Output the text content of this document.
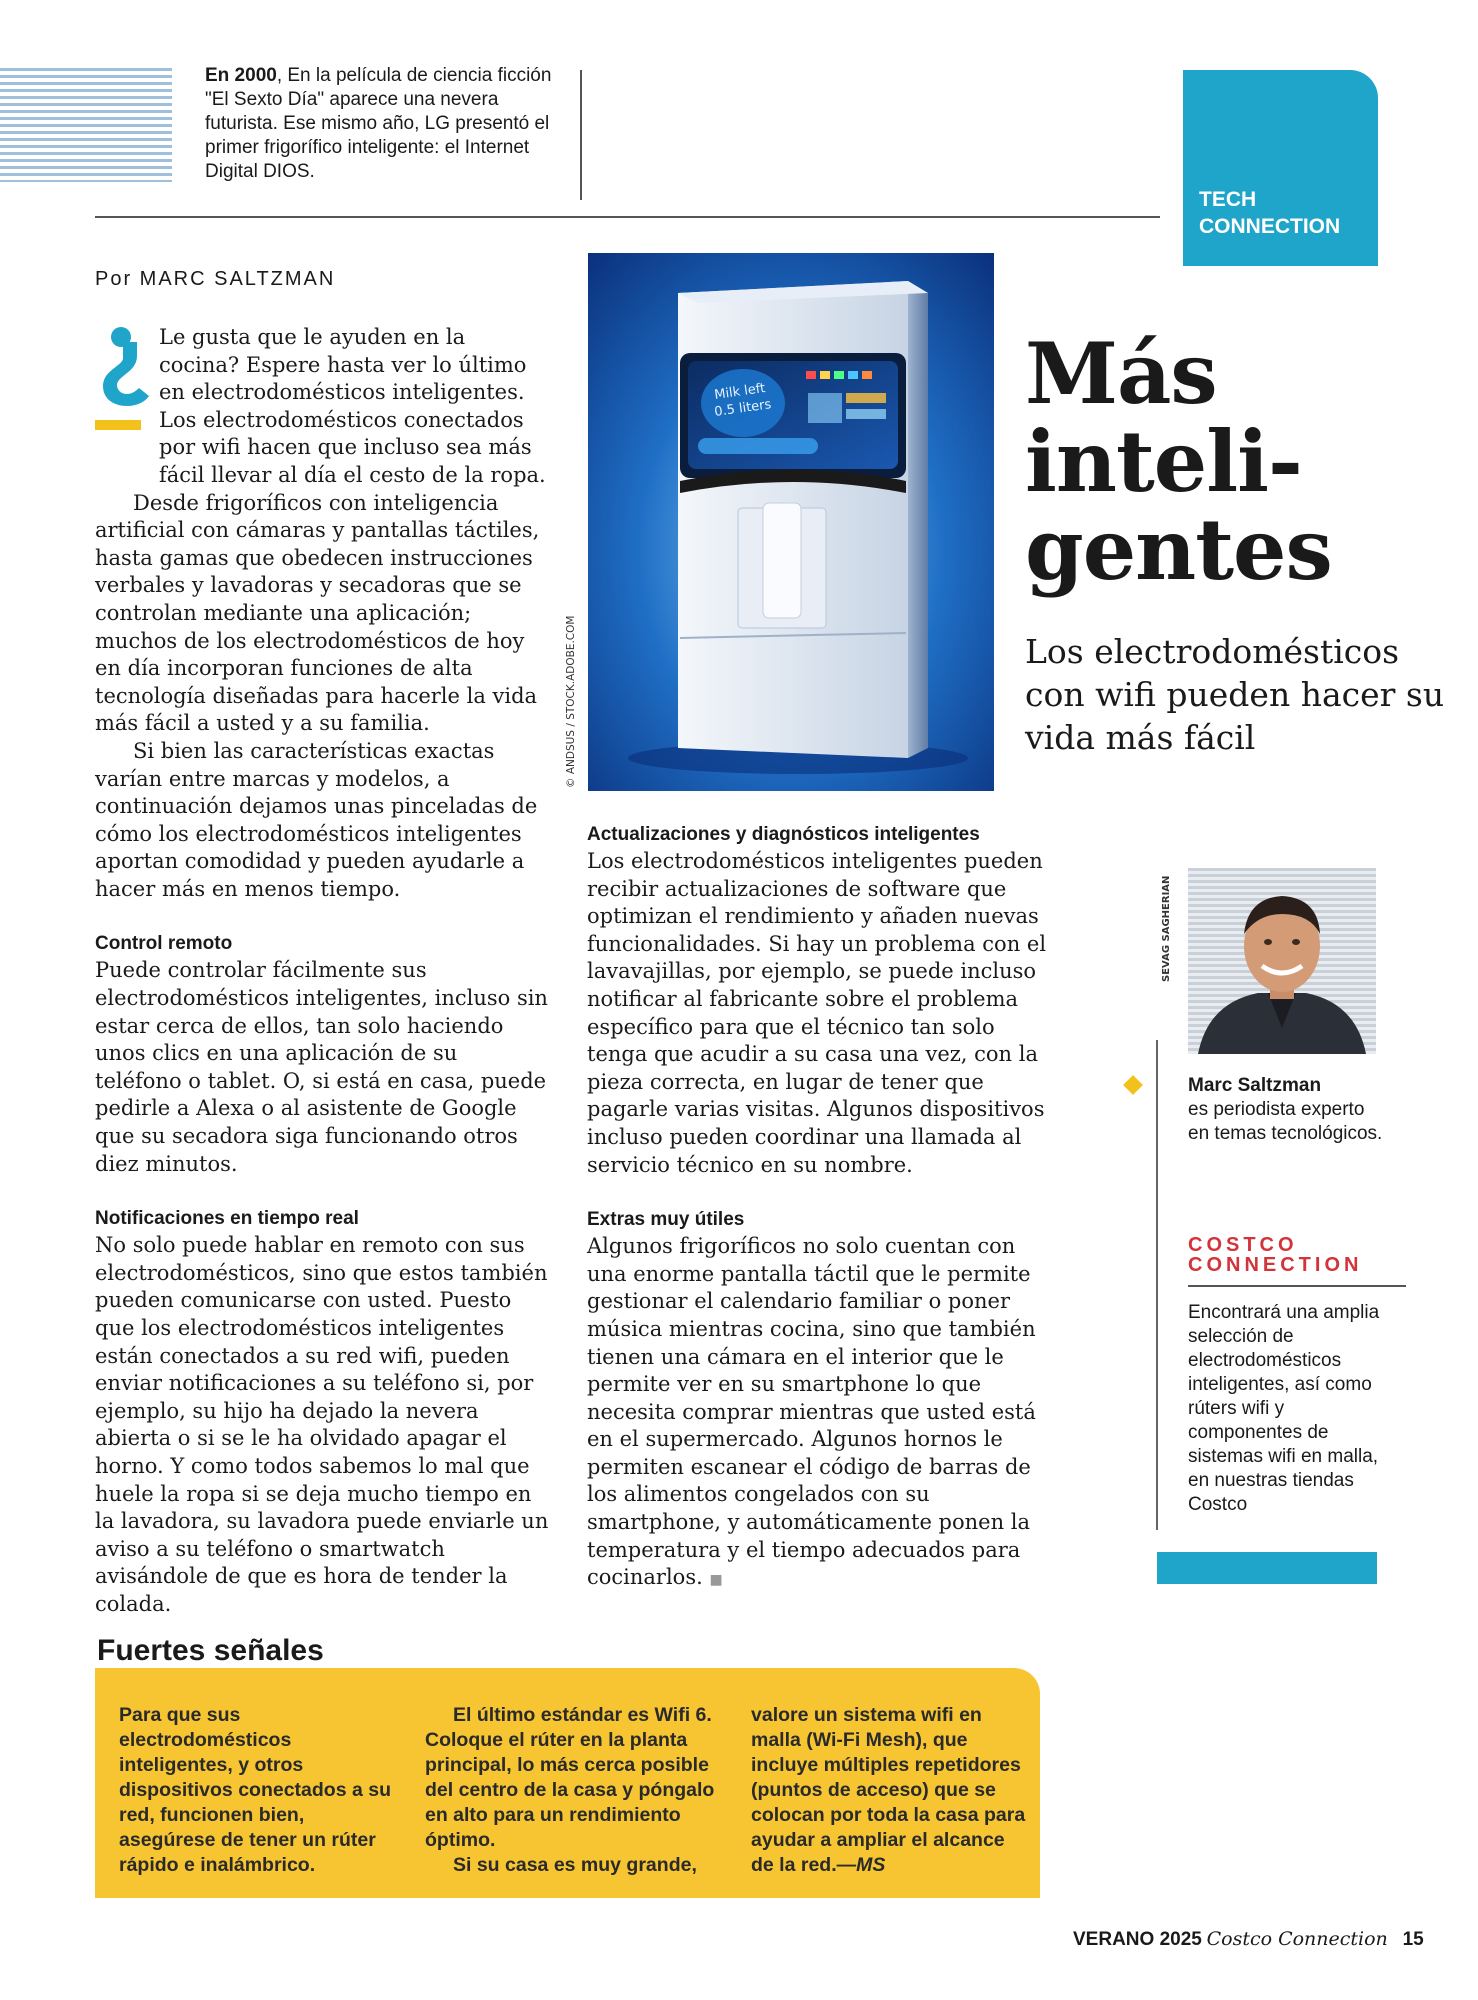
En 2000, En la película de ciencia ficción "El Sexto Día" aparece una nevera futurista. Ese mismo año, LG presentó el primer frigorífico inteligente: el Internet Digital DIOS.
TECH CONNECTION
Por MARC SALTZMAN

Le gusta que le ayuden en la cocina? Espere hasta ver lo último en electrodomésticos inteligentes. Los electrodomésticos conectados por wifi hacen que incluso sea más fácil llevar al día el cesto de la ropa.

Desde frigoríficos con inteligencia artificial con cámaras y pantallas táctiles, hasta gamas que obedecen instrucciones verbales y lavadoras y secadoras que se controlan mediante una aplicación; muchos de los electrodomésticos de hoy en día incorporan funciones de alta tecnología diseñadas para hacerle la vida más fácil a usted y a su familia.

Si bien las características exactas varían entre marcas y modelos, a continuación dejamos unas pinceladas de cómo los electrodomésticos inteligentes aportan comodidad y pueden ayudarle a hacer más en menos tiempo.

Control remoto

Puede controlar fácilmente sus electrodomésticos inteligentes, incluso sin estar cerca de ellos, tan solo haciendo unos clics en una aplicación de su teléfono o tablet. O, si está en casa, puede pedirle a Alexa o al asistente de Google que su secadora siga funcionando otros diez minutos.

Notificaciones en tiempo real

No solo puede hablar en remoto con sus electrodomésticos, sino que estos también pueden comunicarse con usted. Puesto que los electrodomésticos inteligentes están conectados a su red wifi, pueden enviar notificaciones a su teléfono si, por ejemplo, su hijo ha dejado la nevera abierta o si se le ha olvidado apagar el horno. Y como todos sabemos lo mal que huele la ropa si se deja mucho tiempo en la lavadora, su lavadora puede enviarle un aviso a su teléfono o smartwatch avisándole de que es hora de tender la colada.

Milk left
0.5 liters
© ANDSUS / STOCK.ADOBE.COM

Actualizaciones y diagnósticos inteligentes

Los electrodomésticos inteligentes pueden recibir actualizaciones de software que optimizan el rendimiento y añaden nuevas funcionalidades. Si hay un problema con el lavavajillas, por ejemplo, se puede incluso notificar al fabricante sobre el problema específico para que el técnico tan solo tenga que acudir a su casa una vez, con la pieza correcta, en lugar de tener que pagarle varias visitas. Algunos dispositivos incluso pueden coordinar una llamada al servicio técnico en su nombre.

Extras muy útiles

Algunos frigoríficos no solo cuentan con una enorme pantalla táctil que le permite gestionar el calendario familiar o poner música mientras cocina, sino que también tienen una cámara en el interior que le permite ver en su smartphone lo que necesita comprar mientras que usted está en el supermercado. Algunos hornos le permiten escanear el código de barras de los alimentos congelados con su smartphone, y automáticamente ponen la temperatura y el tiempo adecuados para cocinarlos. ■

Más
inteli-
gentes
Los electrodomésticos con wifi pueden hacer su vida más fácil
SEVAG SAGHERIAN
Marc Saltzman
es periodista experto en temas tecnológicos.
COSTCO CONNECTION
Encontrará una amplia selección de electrodomésticos inteligentes, así como rúters wifi y componentes de sistemas wifi en malla, en nuestras tiendas Costco
Fuertes señales
Para que sus electrodomésticos inteligentes, y otros dispositivos conectados a su red, funcionen bien, asegúrese de tener un rúter rápido e inalámbrico.
El último estándar es Wifi 6. Coloque el rúter en la planta principal, lo más cerca posible del centro de la casa y póngalo en alto para un rendimiento óptimo.
Si su casa es muy grande,
valore un sistema wifi en malla (Wi-Fi Mesh), que incluye múltiples repetidores (puntos de acceso) que se colocan por toda la casa para ayudar a ampliar el alcance de la red.—MS
VERANO 2025 Costco Connection 15
